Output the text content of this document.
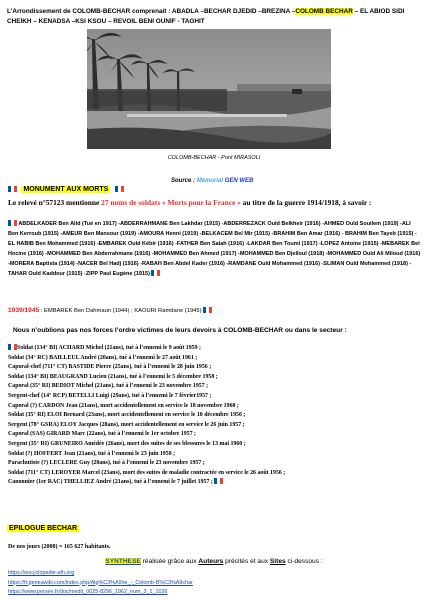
L’Arrondissement de COLOMB-BECHAR comprenait : ABADLA –BECHAR DJEDID –BREZINA –COLOMB BECHAR – EL ABIOD SIDI CHEIKH – KENADSA –KSI KSOU – REVOIL BENI OUNIF - TAGHIT
COLOMB-BECHAR - Pont MIRASOLI
MONUMENT AUX MORTS
Source : Mémorial GEN WEB
Le relevé n°57123 mentionne 27 noms de soldats « Morts pour la France » au titre de la guerre 1914/1918, à savoir :
ABDELKADER Ben Alid (Tué en 1917) -ABDERRAHMANE Ben Lakhdar (1915) -ABDERREZACK Ould Belkheir (1916) -AHMED Ould Souilem (1919) -ALI Ben Kerroub (1915) -AMEUR Ben Mansour (1919) -AMOURA Henni (1919) -BELKACEM Bel Mir (1915) -BRAHIM Ben Amar (1916) - BRAHIM Ben Tayeb (1915) -EL HABIB Ben Mohammed (1916) -EMBAREK Ould Kébir (1916) -FATHER Ben Salah (1916) -LAKDAR Ben Toumi (1917) -LOPEZ Antoine (1915) -MEBAREK Bel Hocine (1916) -MOHAMMED Ben Abderrahmane (1916) -MOHAMMED Ben Ahmed (1917) -MOHAMMED Ben Djelloul (1918) -MOHAMMED Ould Ali Miloud (1916) -MORERA Baptista (1914) -NACER Bel Hadj (1916) -RABAH Ben Abdel Kader (1916) -RAMDANE Ould Mohammed (1916) -SLIMAN Ould Mohammed (1918) -TAHAR Ould Kaddour (1915) -ZIPP Paul Eugène (1915)
1939/1945 : EMBAREK Ben Dahmaun (1944) ; KAOURI Ramdane (1945)
Nous n’oublions pas nos forces l’ordre victimes de leurs devoirs à COLOMB-BECHAR ou dans le secteur :
Soldat (134° BI) ACHARD Michel (21ans), tué à l’ennemi le 9 août 1959 ;
Soldat (34° RC) BAILLEUL André (20ans), tué à l’ennemi le 27 août 1961 ;
Caporal-chef (711° CT) BASTIDE Pierre (25ans), tué à l’ennemi le 28 juin 1956 ;
Soldat (134° BI) BEAUGRAND Lucien (21ans), tué à l’ennemi le 5 décembre 1958 ;
Caporal (35° RI) BEDIOT Michel (21ans), tué à l’ennemi le 23 novembre 1957 ;
Sergent-chef (14° RCP) BETELLI Luigi (29ans), tué à l’ennemi le 7 février1957 ;
Caporal (?) CARDON Jean (21ans), mort accidentellement en service le 18 novembre 1960 ;
Soldat (35° RI) ELOI Bernard (23ans), mort accidentellement en service le 10 décembre 1956 ;
Sergent (78° GSRA) ELOY Jacques (28ans), mort accidentellement en service le 26 juin 1957 ;
Caporal (SAS) GIRARD Marc (22ans), tué à l’ennemi le 1er octobre 1957 ;
Sergent (35° RI) GRUNEIRO Amédée (26ans), mort des suites de ses blessures le 13 mai 1960 ;
Soldat (?) HOFFERT Jean (21ans), tué à l’ennemi le 23 juin 1958 ;
Parachutiste (?) LECLERE Guy (20ans), tué à l’ennemi le 23 novembre 1957 ;
Soldat (711° CT) LEROYER Marcel (23ans), mort des suites de maladie contractée en service le 26 août 1956 ;
Canonnier (1er RAC) THELLIEZ André (21ans), tué à l’ennemi le 7 juillet 1957 ;
EPILOGUE BECHAR
De nos jours (2008) = 165 627 habitants.
SYNTHESE réalisée grâce aux Auteurs précités et aux Sites ci-dessous :
https://encyclopedie-afn.org
https://fr.geneawiki.com/index.php/Alg%C3%A9rie_-_Colomb-B%C3%A9char
https://www.persee.fr/doc/medit_0025-8296_1962_num_3_1_1026
